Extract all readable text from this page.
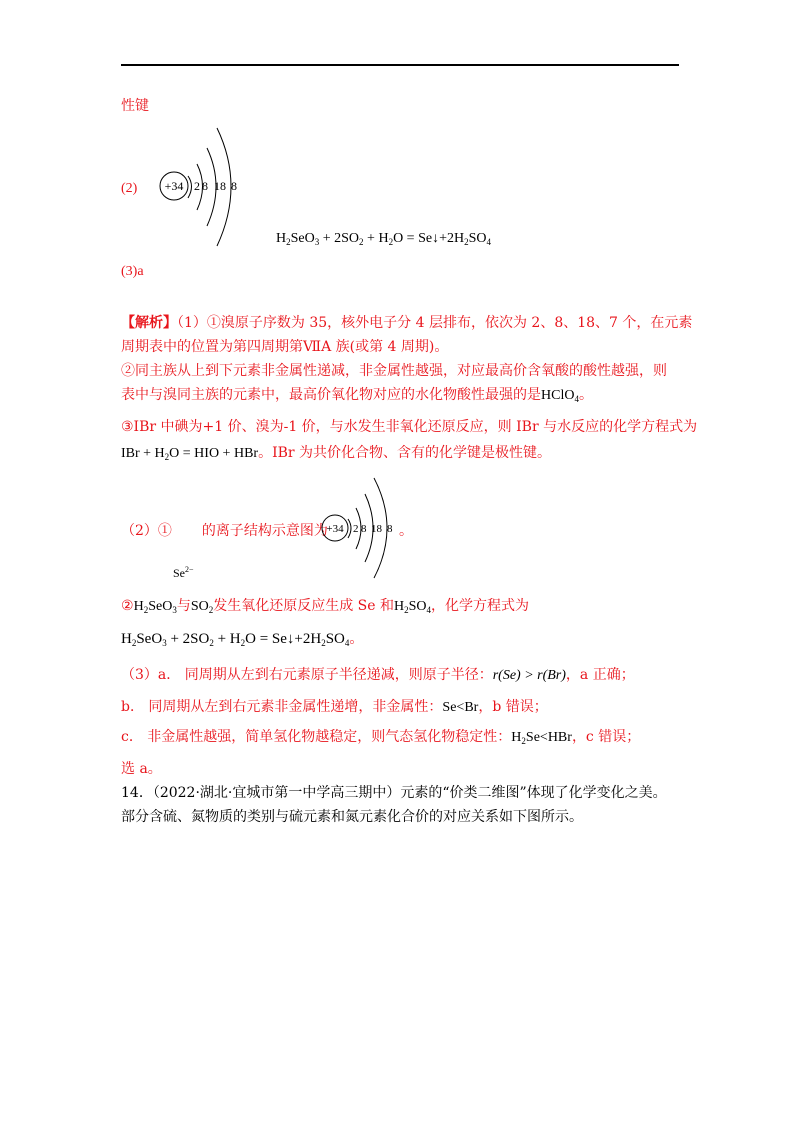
性键
(2) +34 2 8 18 8
$H_2SeO_3 + 2SO_2 + H_2O$ = $Se↓+2H_2SO_4$
(3)a
【解析】（1）①溴原子序数为 35，核外电子分 4 层排布，依次为 2、8、18、7 个，在元素
周期表中的位置为第四周期第ⅦA 族(或第 4 周期)。
②同主族从上到下元素非金属性递减，非金属性越强，对应最高价含氧酸的酸性越强，则
表中与溴同主族的元素中，最高价氧化物对应的水化物酸性最强的是HClO$_4$。
③IBr 中碘为+1 价、溴为-1 价，与水发生非氧化还原反应，则 IBr 与水反应的化学方程式为
IBr + $H_2O$ = HIO + HBr。IBr 为共价化合物、含有的化学键是极性键。
（2）① 的离子结构示意图为	。
+34 2 8 18 8
$Se^{2-}$
$②H_2SeO_3$与$SO_2$发生氧化还原反应生成 Se 和$H_2SO_4$，化学方程式为
$H_2SeO_3 + 2SO_2 + H_2O$ = $Se↓+2H_2SO_4$。
（3）a． 同周期从左到右元素原子半径递减，则原子半径：r(Se) > r(Br)，a 正确；
b． 同周期从左到右元素非金属性递增，非金属性：Se<Br，b 错误；
c． 非金属性越强，简单氢化物越稳定，则气态氢化物稳定性：$H_2Se<HBr$，c 错误；
选 a。
14．（2022·湖北·宜城市第一中学高三期中）元素的“价类二维图”体现了化学变化之美。
部分含硫、氮物质的类别与硫元素和氮元素化合价的对应关系如下图所示。
